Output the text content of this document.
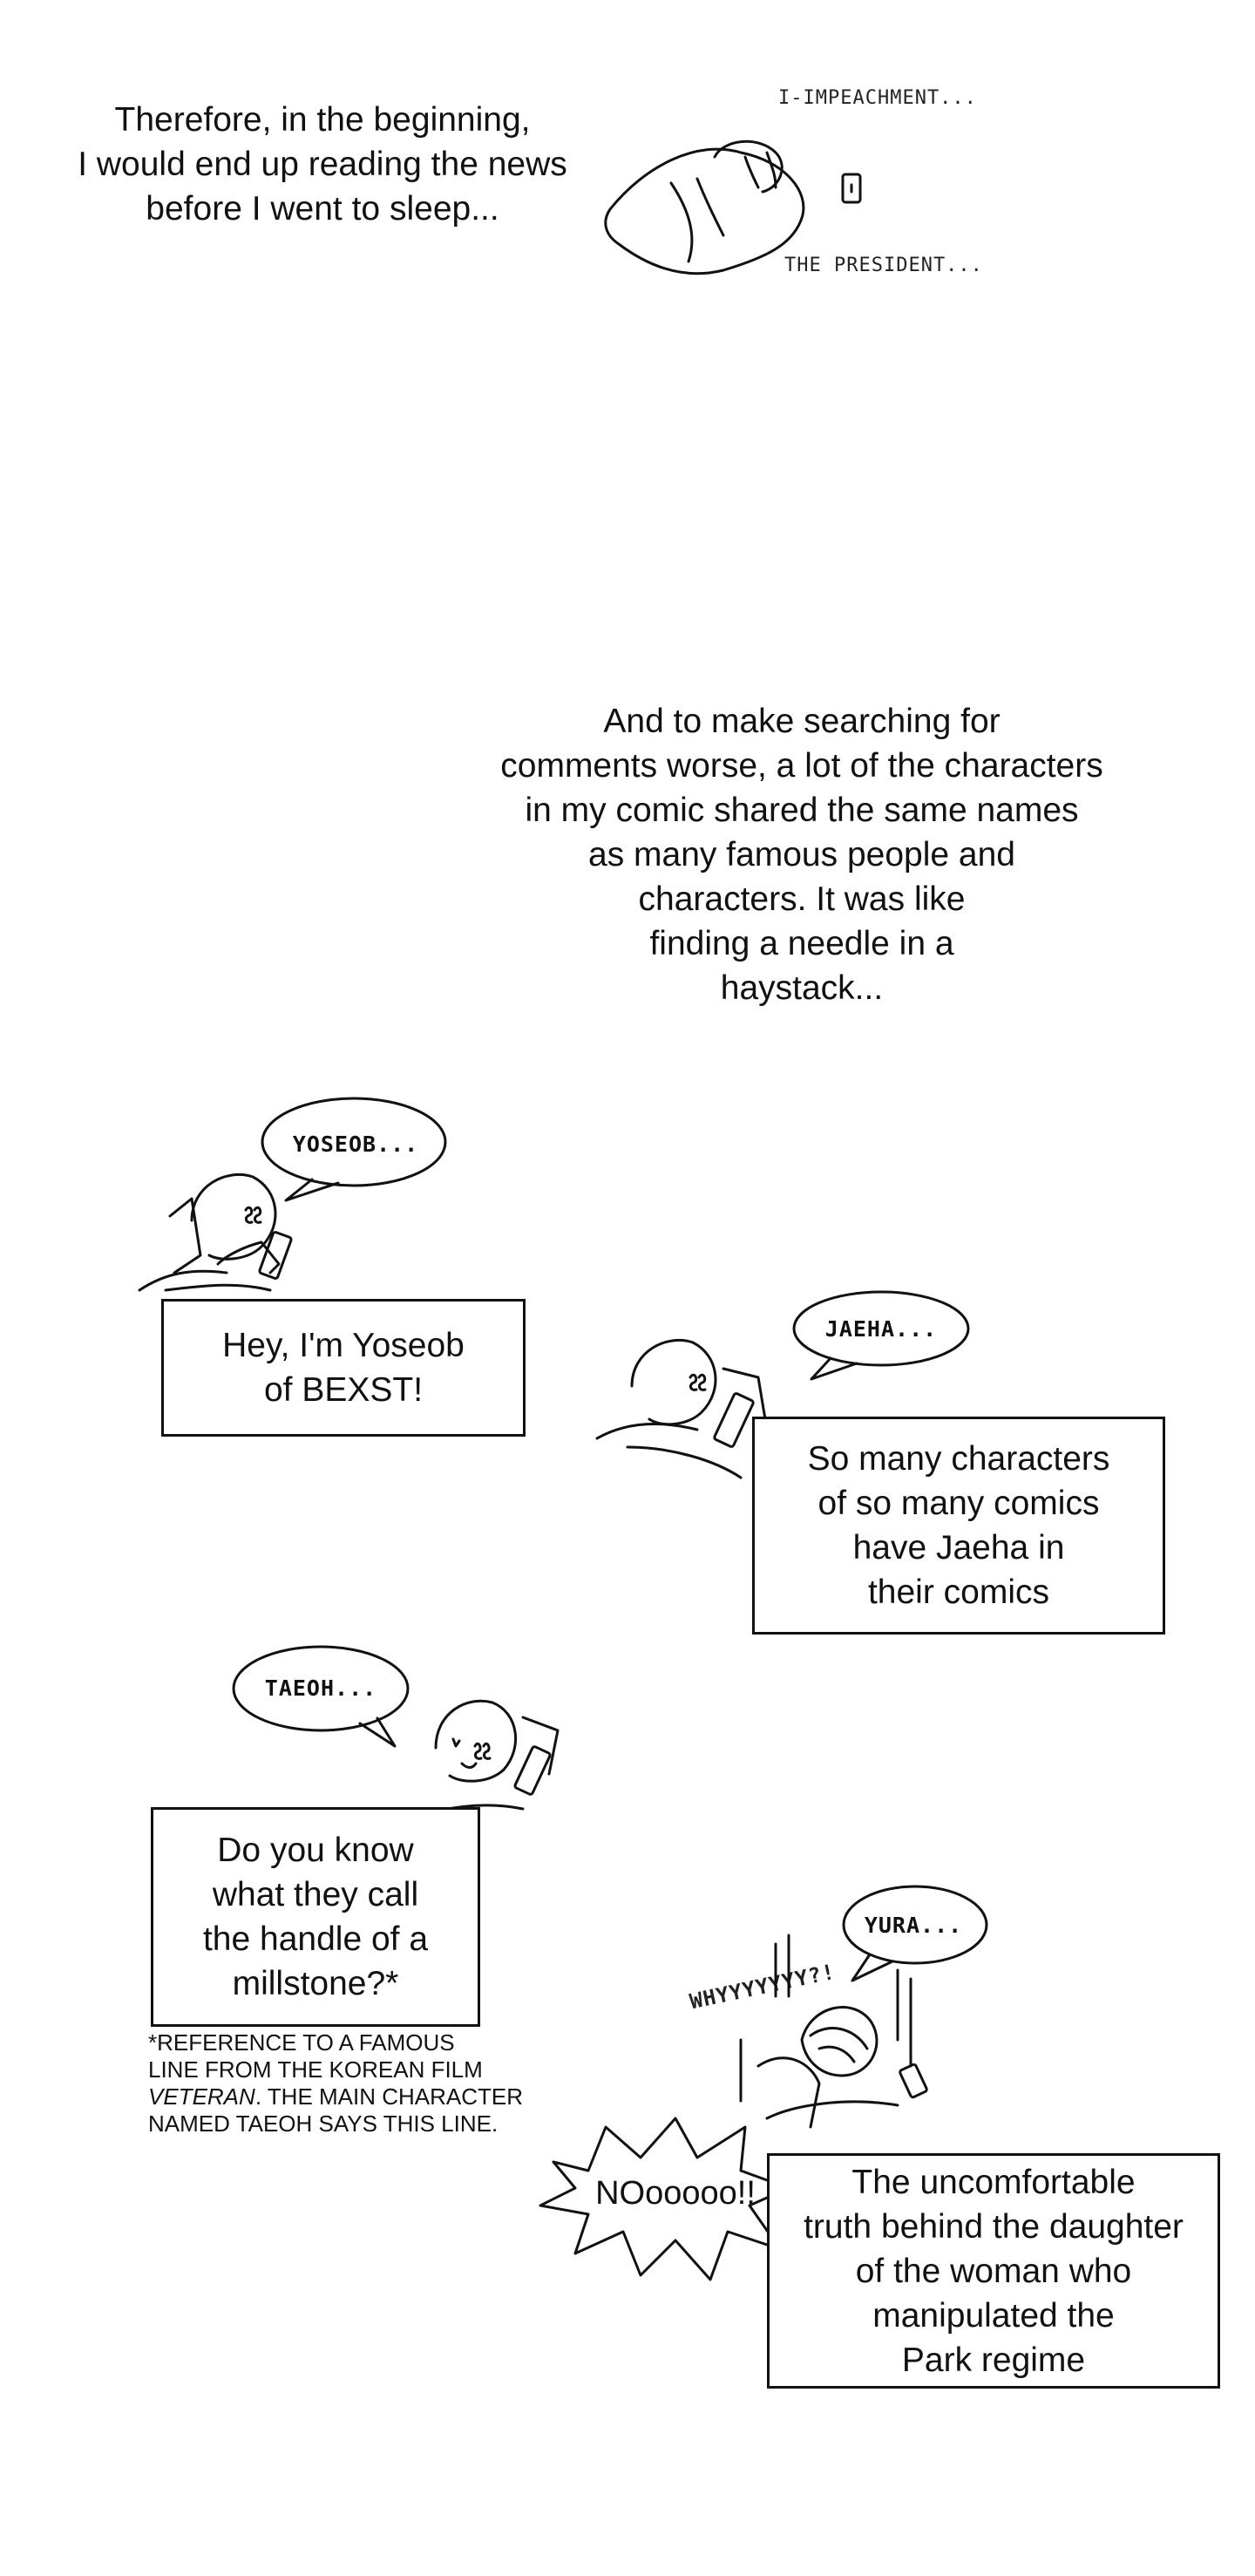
Therefore, in the beginning,
I would end up reading the news
before I went to sleep...
I-IMPEACHMENT...
THE PRESIDENT...
And to make searching for
comments worse, a lot of the characters
in my comic shared the same names
as many famous people and
characters. It was like
finding a needle in a
haystack...
YOSEOB...
Hey, I'm Yoseob
of BEXST!
JAEHA...
So many characters
of so many comics
have Jaeha in
their comics
TAEOH...
Do you know
what they call
the handle of a
millstone?*
*REFERENCE TO A FAMOUS
LINE FROM THE KOREAN FILM
VETERAN. THE MAIN CHARACTER
NAMED TAEOH SAYS THIS LINE.
YURA...
WHYYYYYYY?!
NOooooo!!	The uncomfortable
truth behind the daughter
of the woman who
manipulated the
Park regime
